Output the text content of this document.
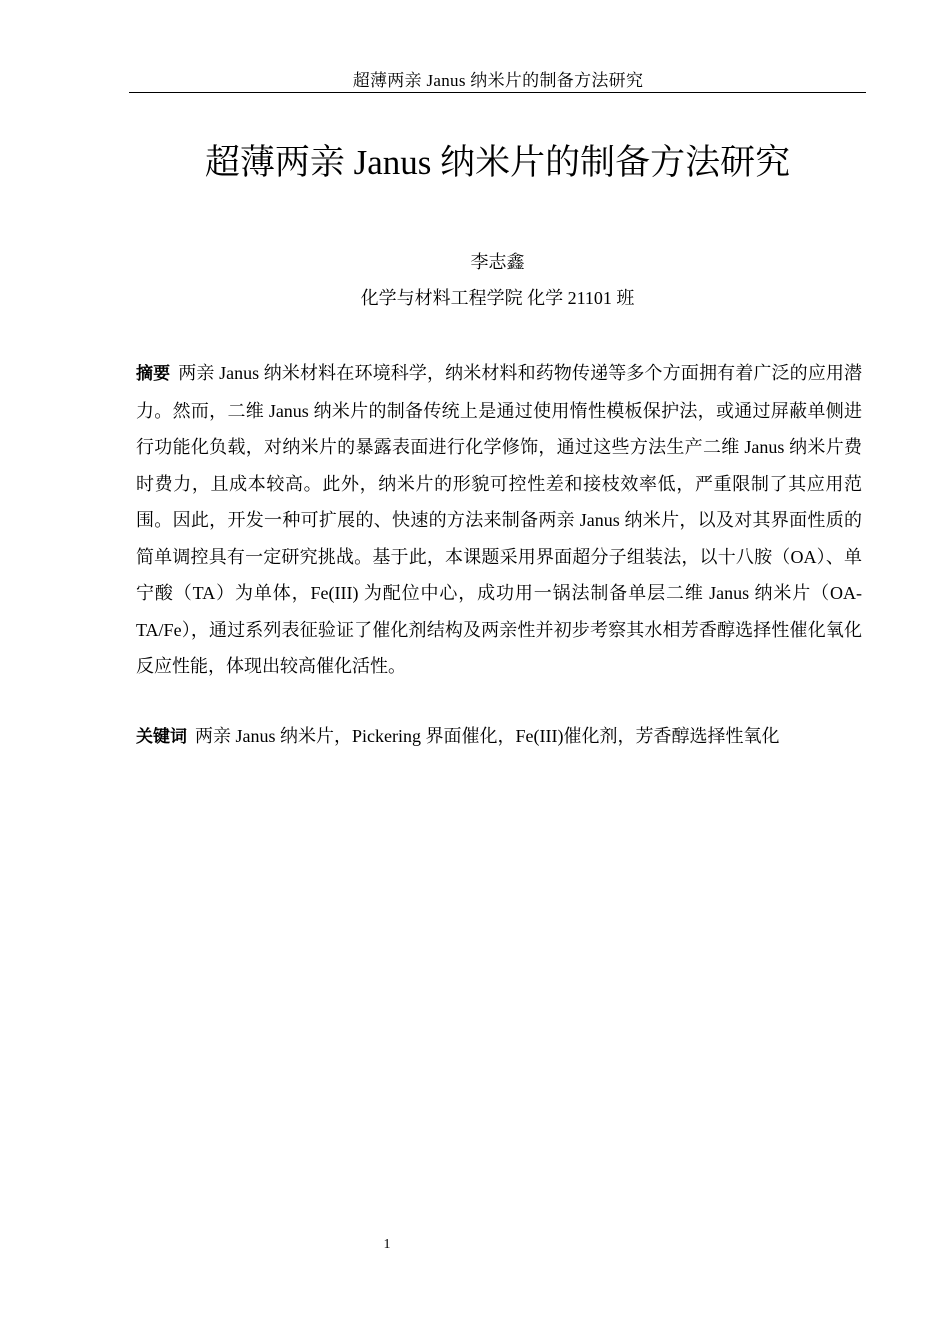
超薄两亲 Janus 纳米片的制备方法研究
超薄两亲 Janus 纳米片的制备方法研究
李志鑫
化学与材料工程学院 化学 21101 班

摘要 两亲 Janus 纳米材料在环境科学，纳米材料和药物传递等多个方面拥有着广泛的应用潜力。然而，二维 Janus 纳米片的制备传统上是通过使用惰性模板保护法，或通过屏蔽单侧进行功能化负载，对纳米片的暴露表面进行化学修饰，通过这些方法生产二维 Janus 纳米片费时费力，且成本较高。此外，纳米片的形貌可控性差和接枝效率低，严重限制了其应用范围。因此，开发一种可扩展的、快速的方法来制备两亲 Janus 纳米片，以及对其界面性质的简单调控具有一定研究挑战。基于此，本课题采用界面超分子组装法，以十八胺（OA）、单宁酸（TA）为单体，Fe(III) 为配位中心，成功用一锅法制备单层二维 Janus 纳米片（OA-TA/Fe），通过系列表征验证了催化剂结构及两亲性并初步考察其水相芳香醇选择性催化氧化反应性能，体现出较高催化活性。

关键词 两亲 Janus 纳米片，Pickering 界面催化，Fe(III)催化剂，芳香醇选择性氧化

1
